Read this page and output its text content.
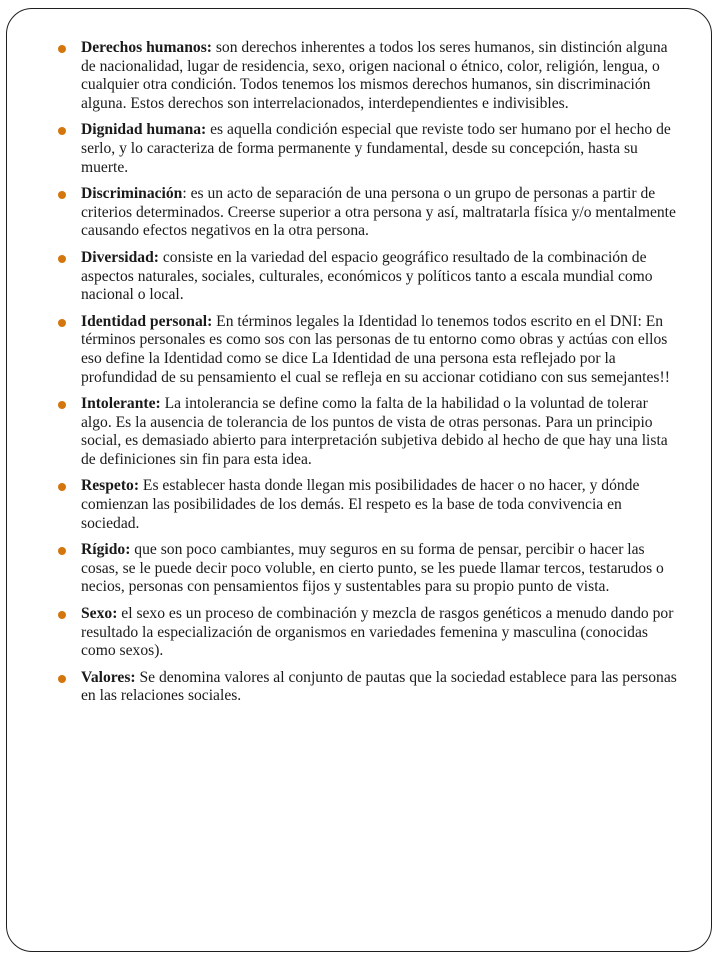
Derechos humanos: son derechos inherentes a todos los seres humanos, sin distinción alguna de nacionalidad, lugar de residencia, sexo, origen nacional o étnico, color, religión, lengua, o cualquier otra condición. Todos tenemos los mismos derechos humanos, sin discriminación alguna. Estos derechos son interrelacionados, interdependientes e indivisibles.
Dignidad humana: es aquella condición especial que reviste todo ser humano por el hecho de serlo, y lo caracteriza de forma permanente y fundamental, desde su concepción, hasta su muerte.
Discriminación: es un acto de separación de una persona o un grupo de personas a partir de criterios determinados. Creerse superior a otra persona y así, maltratarla física y/o mentalmente causando efectos negativos en la otra persona.
Diversidad: consiste en la variedad del espacio geográfico resultado de la combinación de aspectos naturales, sociales, culturales, económicos y políticos tanto a escala mundial como nacional o local.
Identidad personal: En términos legales la Identidad lo tenemos todos escrito en el DNI: En términos personales es como sos con las personas de tu entorno como obras y actúas con ellos eso define la Identidad como se dice La Identidad de una persona esta reflejado por la profundidad de su pensamiento el cual se refleja en su accionar cotidiano con sus semejantes!!
Intolerante: La intolerancia se define como la falta de la habilidad o la voluntad de tolerar algo. Es la ausencia de tolerancia de los puntos de vista de otras personas. Para un principio social, es demasiado abierto para interpretación subjetiva debido al hecho de que hay una lista de definiciones sin fin para esta idea.
Respeto: Es establecer hasta donde llegan mis posibilidades de hacer o no hacer, y dónde comienzan las posibilidades de los demás. El respeto es la base de toda convivencia en sociedad.
Rígido: que son poco cambiantes, muy seguros en su forma de pensar, percibir o hacer las cosas, se le puede decir poco voluble, en cierto punto, se les puede llamar tercos, testarudos o necios, personas con pensamientos fijos y sustentables para su propio punto de vista.
Sexo: el sexo es un proceso de combinación y mezcla de rasgos genéticos a menudo dando por resultado la especialización de organismos en variedades femenina y masculina (conocidas como sexos).
Valores: Se denomina valores al conjunto de pautas que la sociedad establece para las personas en las relaciones sociales.
